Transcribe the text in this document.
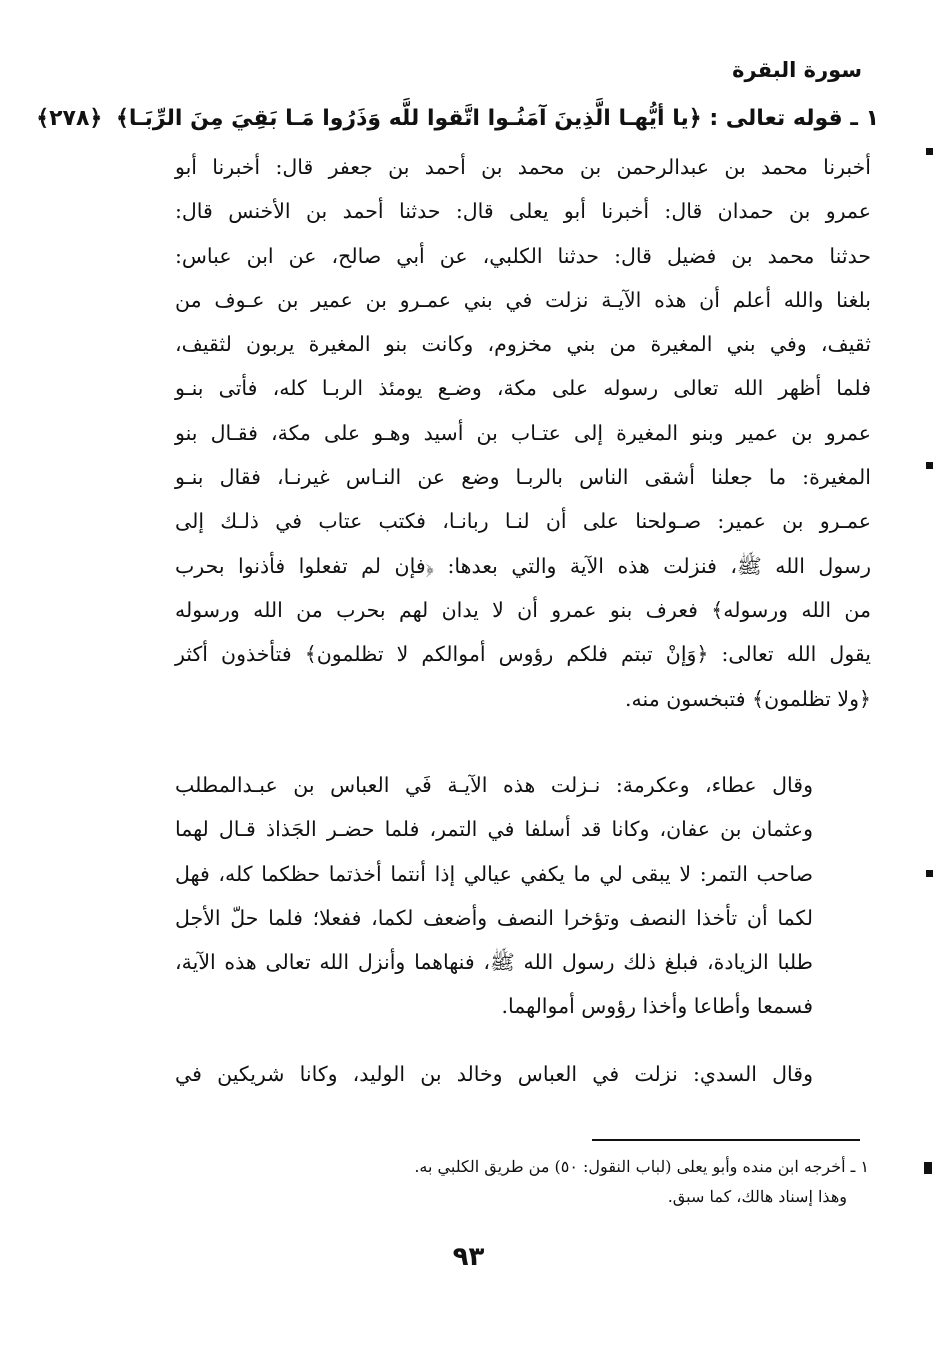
سورة البقرة
١ ـ قوله تعالى : ﴿يا أيُّهـا الَّذِينَ آمَنُـوا اتَّقوا للَّه وَذَرُوا مَـا بَقِيَ مِنَ الرِّبَـا﴾ ﴿٢٧٨﴾
أخبرنا محمد بن عبدالرحمن بن محمد بن أحمد بن جعفر قال: أخبرنا أبو
عمرو بن حمدان قال: أخبرنا أبو يعلى قال: حدثنا أحمد بن الأخنس قال:
حدثنا محمد بن فضيل قال: حدثنا الكلبي، عن أبي صالح، عن ابن عباس:
بلغنا والله أعلم أن هذه الآيـة نزلت في بني عمـرو بن عمير بن عـوف من
ثقيف، وفي بني المغيرة من بني مخزوم، وكانت بنو المغيرة يربون لثقيف،
فلما أظهر الله تعالى رسوله على مكة، وضـع يومئذ الربـا كله، فأتى بنـو
عمرو بن عمير وبنو المغيرة إلى عتـاب بن أسيد وهـو على مكة، فقـال بنو
المغيرة: ما جعلنا أشقى الناس بالربـا وضع عن النـاس غيرنـا، فقال بنـو
عمـرو بن عمير: صـولحنا على أن لنـا ربانـا، فكتب عتاب في ذلـك إلى
رسول الله ﷺ، فنزلت هذه الآية والتي بعدها: ﴿فإن لم تفعلوا فأذنوا بحرب
من الله ورسوله﴾ فعرف بنو عمرو أن لا يدان لهم بحرب من الله ورسوله
يقول الله تعالى: ﴿وَإنْ تبتم فلكم رؤوس أموالكم لا تظلمون﴾ فتأخذون أكثر
﴿ولا تظلمون﴾ فتبخسون منه.
وقال عطاء، وعكرمة: نـزلت هذه الآيـة فَي العباس بن عبـدالمطلب
وعثمان بن عفان، وكانا قد أسلفا في التمر، فلما حضـر الجَذاذ قـال لهما
صاحب التمر: لا يبقى لي ما يكفي عيالي إذا أنتما أخذتما حظكما كله، فهل
لكما أن تأخذا النصف وتؤخرا النصف وأضعف لكما، ففعلا؛ فلما حلّ الأجل
طلبا الزيادة، فبلغ ذلك رسول الله ﷺ، فنهاهما وأنزل الله تعالى هذه الآية،
فسمعا وأطاعا وأخذا رؤوس أموالهما.
وقال السدي: نزلت في العباس وخالد بن الوليد، وكانا شريكين في
١ ـ أخرجه ابن منده وأبو يعلى (لباب النقول: ٥٠) من طريق الكلبي به.
وهذا إسناد هالك، كما سبق.
٩٣
